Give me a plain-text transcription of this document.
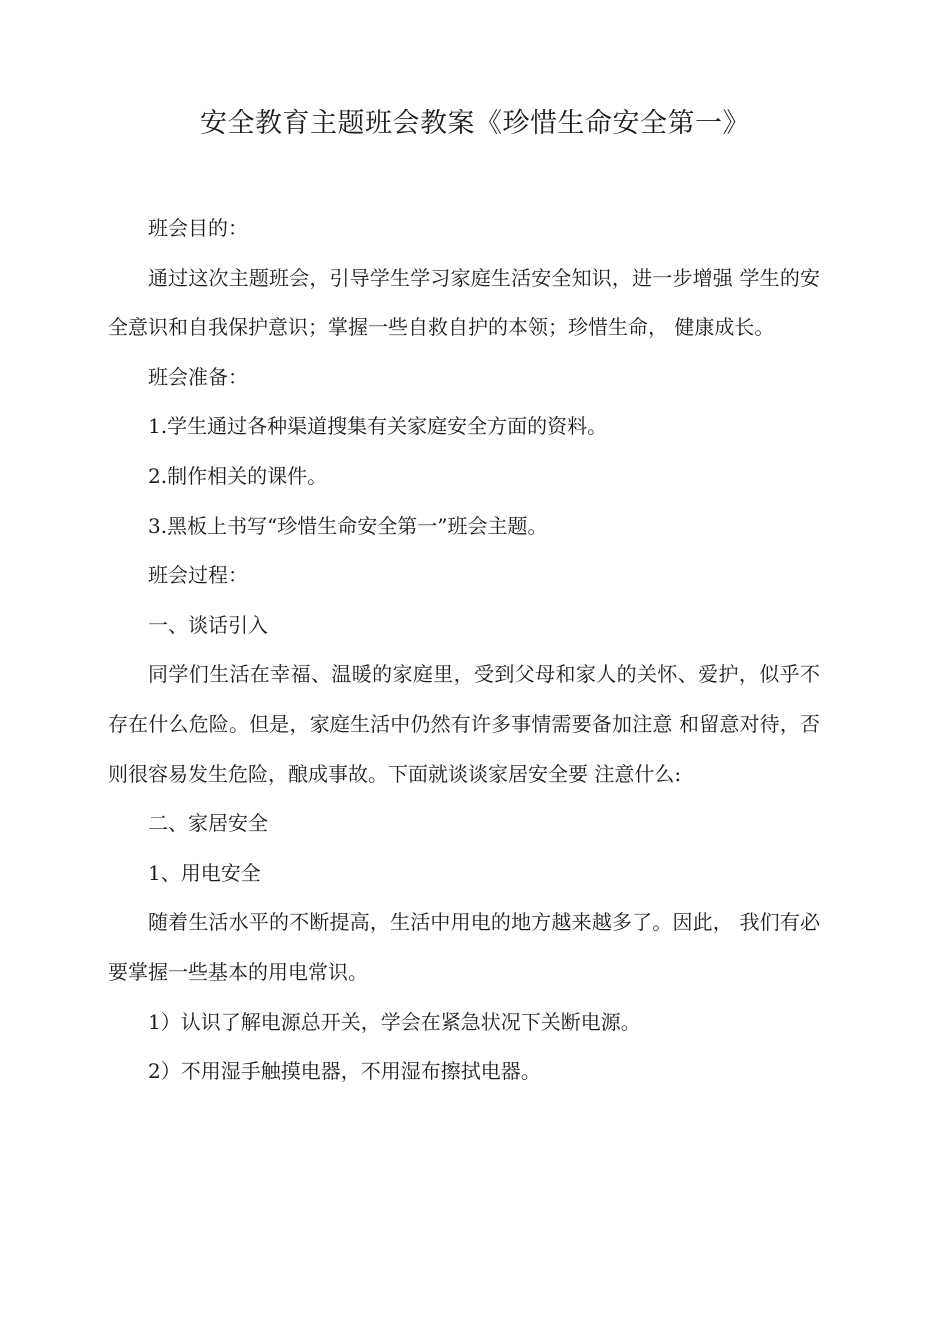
安全教育主题班会教案《珍惜生命安全第一》

班会目的：

通过这次主题班会，引导学生学习家庭生活安全知识，进一步增强 学生的安全意识和自我保护意识；掌握一些自救自护的本领；珍惜生命， 健康成长。

班会准备：

1.学生通过各种渠道搜集有关家庭安全方面的资料。

2.制作相关的课件。

3.黑板上书写“珍惜生命安全第一”班会主题。

班会过程：

一、谈话引入

同学们生活在幸福、温暖的家庭里，受到父母和家人的关怀、爱护，似乎不存在什么危险。但是，家庭生活中仍然有许多事情需要备加注意 和留意对待，否则很容易发生危险，酿成事故。下面就谈谈家居安全要 注意什么:

二、家居安全

1、用电安全

随着生活水平的不断提高，生活中用电的地方越来越多了。因此， 我们有必要掌握一些基本的用电常识。

1）认识了解电源总开关，学会在紧急状况下关断电源。

2）不用湿手触摸电器，不用湿布擦拭电器。
